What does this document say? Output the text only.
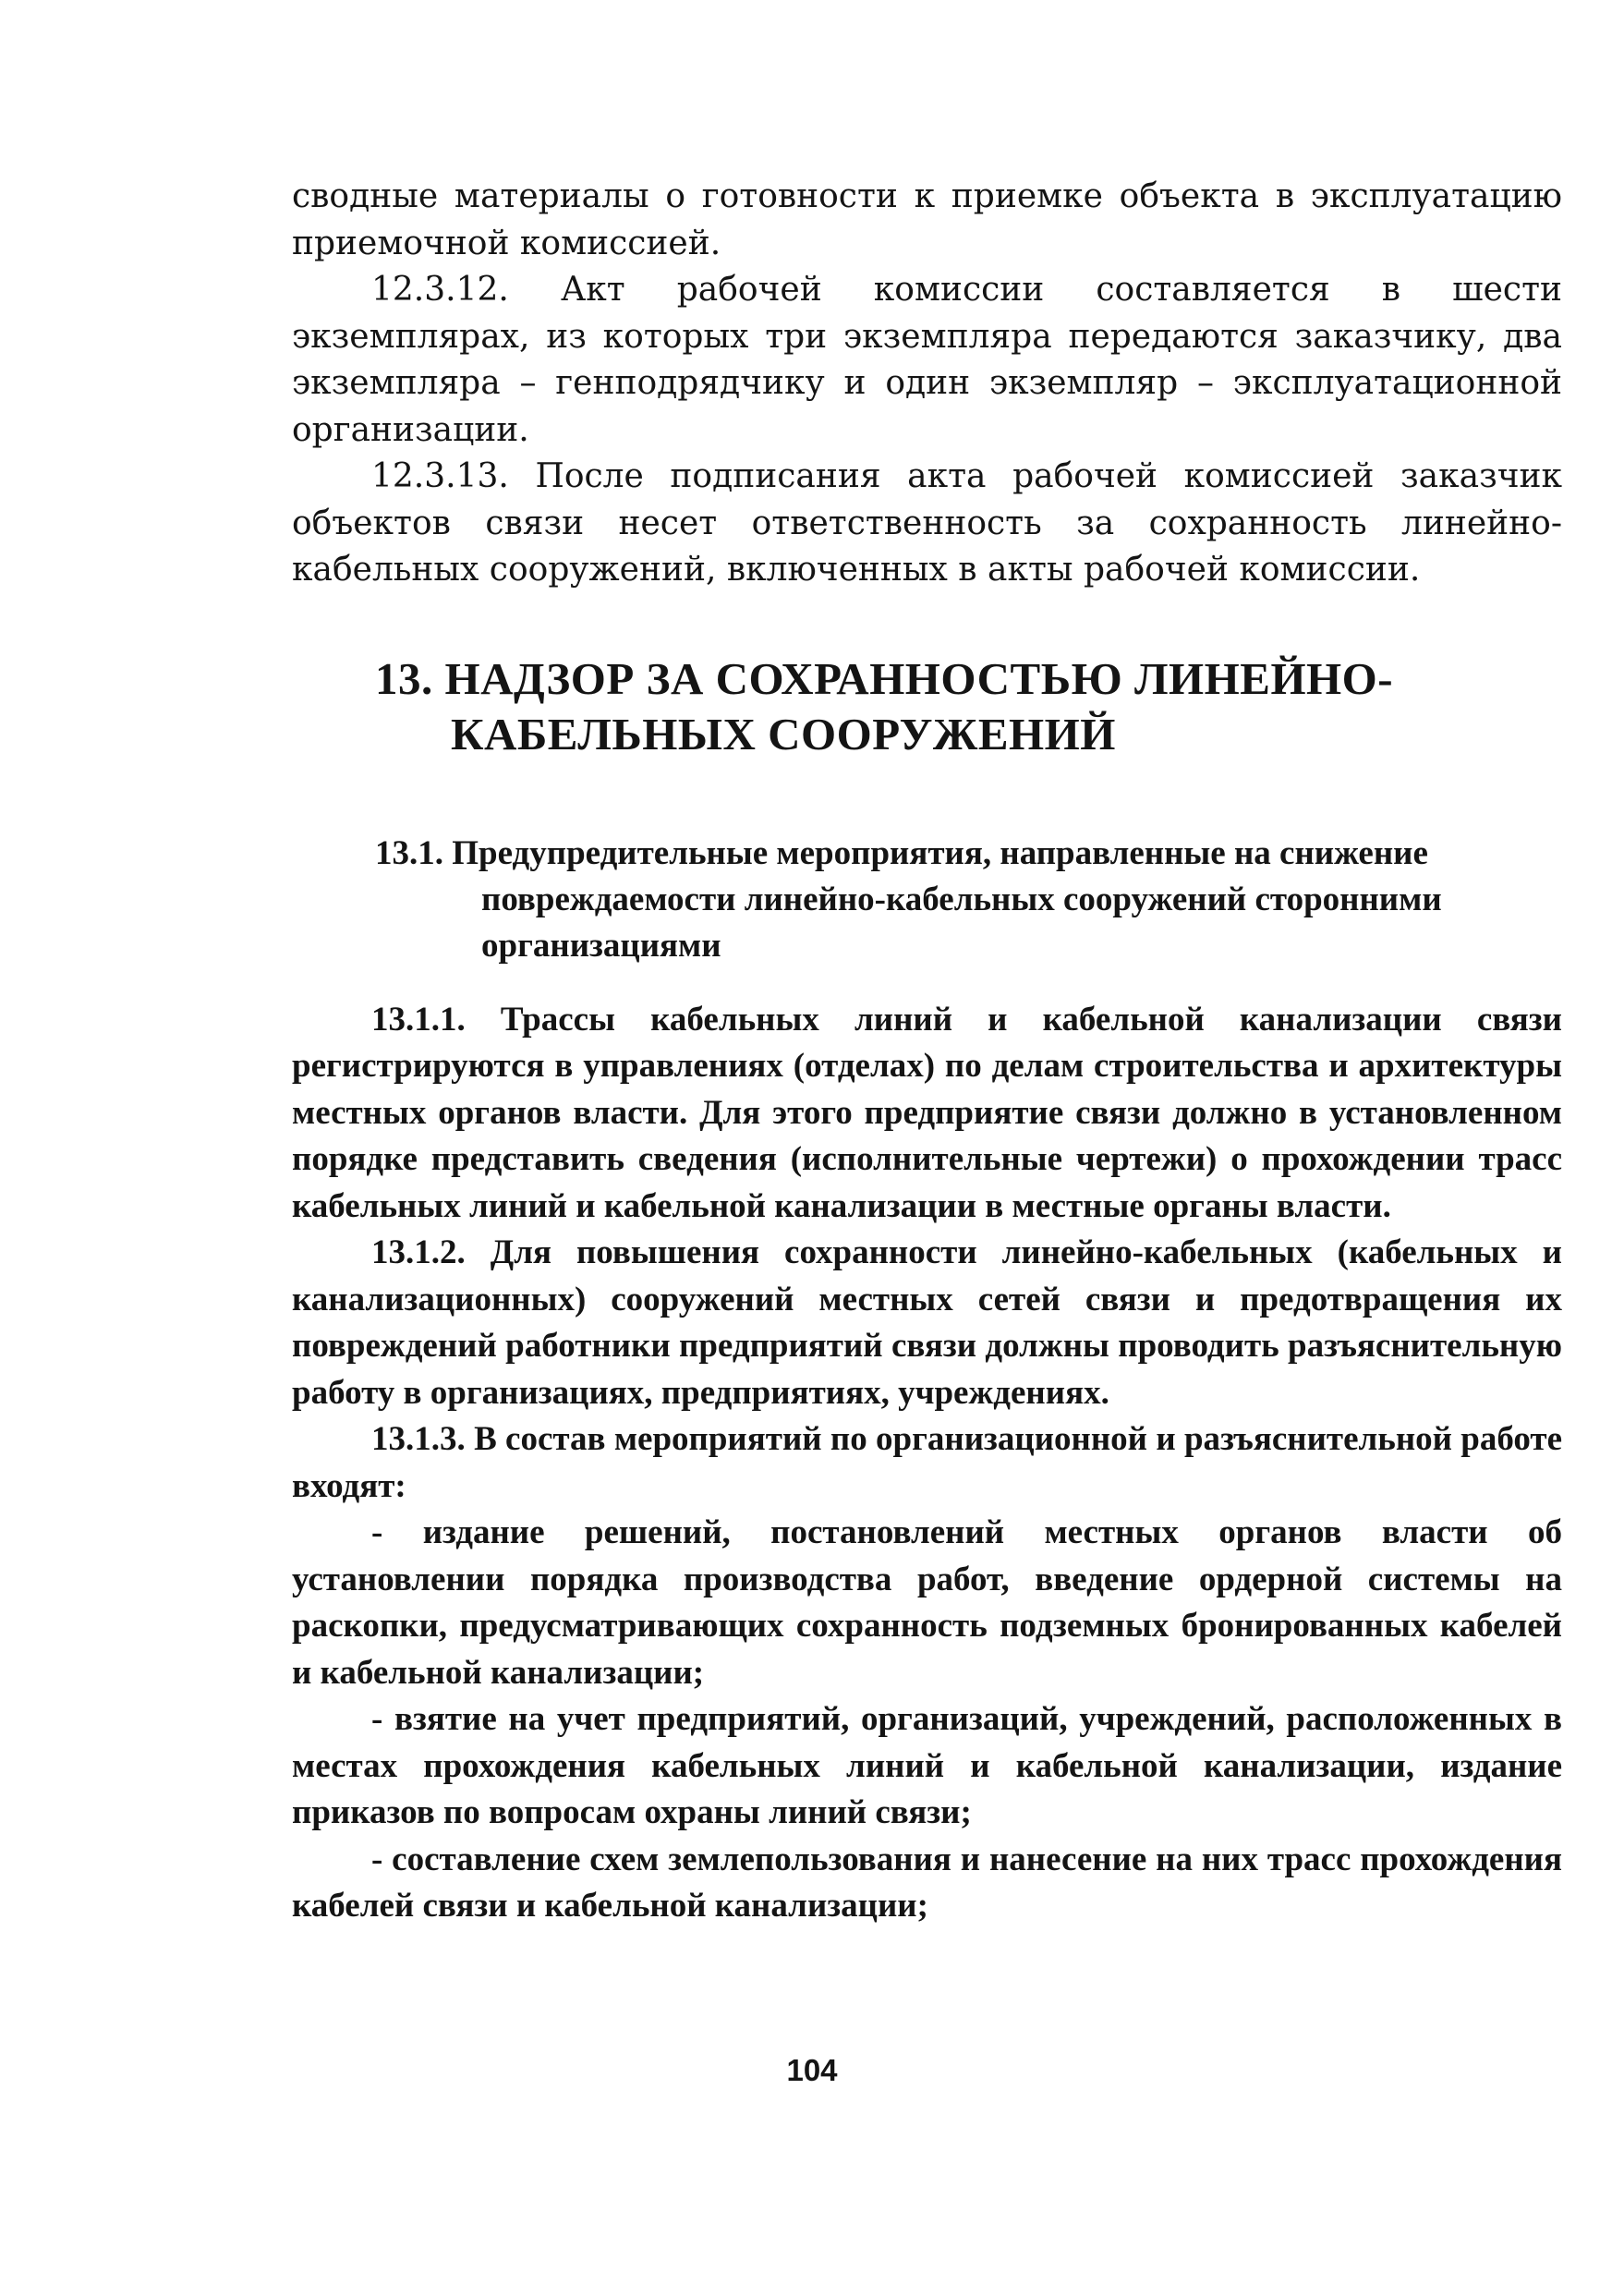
сводные материалы о готовности к приемке объекта в эксплуатацию приемочной комиссией.

12.3.12. Акт рабочей комиссии составляется в шести экземплярах, из которых три экземпляра передаются заказчику, два экземпляра – генподрядчику и один экземпляр – эксплуатационной организации.

12.3.13. После подписания акта рабочей комиссией заказчик объектов связи несет ответственность за сохранность линейно-кабельных сооружений, включенных в акты рабочей комиссии.

13. НАДЗОР ЗА СОХРАННОСТЬЮ ЛИНЕЙНО-КАБЕЛЬНЫХ СООРУЖЕНИЙ
13.1. Предупредительные мероприятия, направленные на снижение повреждаемости линейно-кабельных сооружений сторонними организациями

13.1.1. Трассы кабельных линий и кабельной канализации связи регистрируются в управлениях (отделах) по делам строительства и архитектуры местных органов власти. Для этого предприятие связи должно в установленном порядке представить сведения (исполнительные чертежи) о прохождении трасс кабельных линий и кабельной канализации в местные органы власти.

13.1.2. Для повышения сохранности линейно-кабельных (кабельных и канализационных) сооружений местных сетей связи и предотвращения их повреждений работники предприятий связи должны проводить разъяснительную работу в организациях, предприятиях, учреждениях.

13.1.3. В состав мероприятий по организационной и разъяснительной работе входят:

- издание решений, постановлений местных органов власти об установлении порядка производства работ, введение ордерной системы на раскопки, предусматривающих сохранность подземных бронированных кабелей и кабельной канализации;

- взятие на учет предприятий, организаций, учреждений, расположенных в местах прохождения кабельных линий и кабельной канализации, издание приказов по вопросам охраны линий связи;

- составление схем землепользования и нанесение на них трасс прохождения кабелей связи и кабельной канализации;

104
